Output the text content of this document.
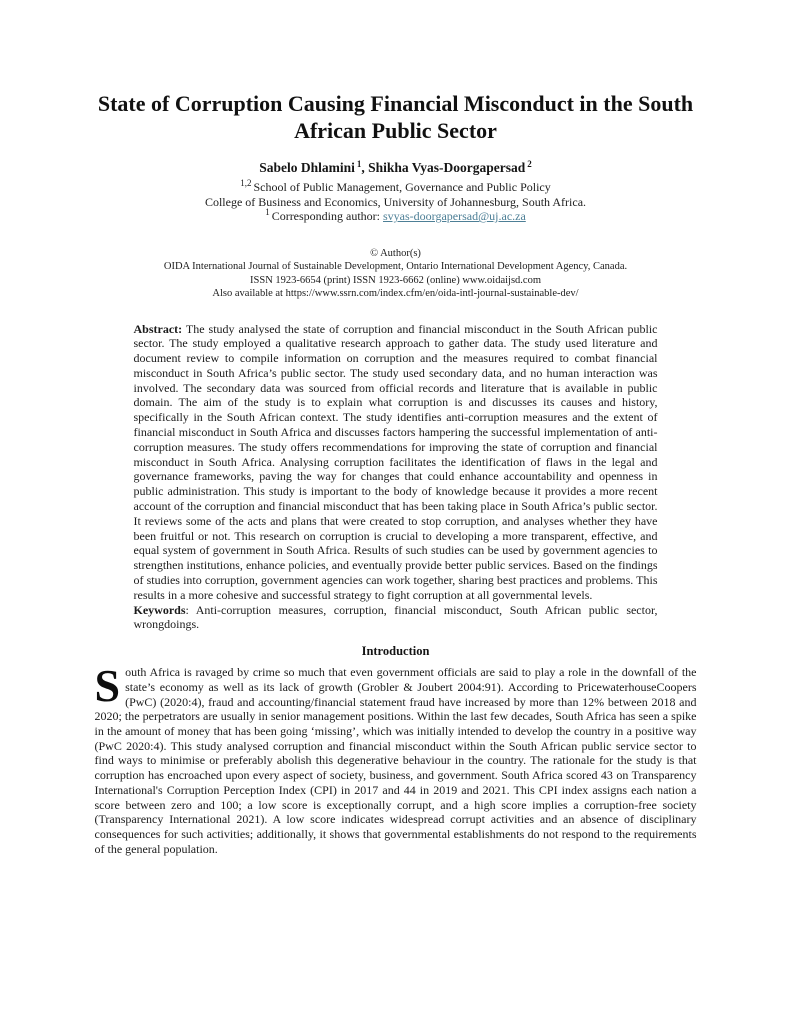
State of Corruption Causing Financial Misconduct in the South African Public Sector
Sabelo Dhlamini $^1$, Shikha Vyas-Doorgapersad $^2$
$^{1,2}$ School of Public Management, Governance and Public Policy
College of Business and Economics, University of Johannesburg, South Africa.
$^1$ Corresponding author: svyas-doorgapersad@uj.ac.za
© Author(s)
OIDA International Journal of Sustainable Development, Ontario International Development Agency, Canada.
ISSN 1923-6654 (print) ISSN 1923-6662 (online) www.oidaijsd.com
Also available at https://www.ssrn.com/index.cfm/en/oida-intl-journal-sustainable-dev/

Abstract: The study analysed the state of corruption and financial misconduct in the South African public sector. The study employed a qualitative research approach to gather data. The study used literature and document review to compile information on corruption and the measures required to combat financial misconduct in South Africa’s public sector. The study used secondary data, and no human interaction was involved. The secondary data was sourced from official records and literature that is available in public domain. The aim of the study is to explain what corruption is and discusses its causes and history, specifically in the South African context. The study identifies anti-corruption measures and the extent of financial misconduct in South Africa and discusses factors hampering the successful implementation of anti-corruption measures. The study offers recommendations for improving the state of corruption and financial misconduct in South Africa. Analysing corruption facilitates the identification of flaws in the legal and governance frameworks, paving the way for changes that could enhance accountability and openness in public administration. This study is important to the body of knowledge because it provides a more recent account of the corruption and financial misconduct that has been taking place in South Africa’s public sector. It reviews some of the acts and plans that were created to stop corruption, and analyses whether they have been fruitful or not. This research on corruption is crucial to developing a more transparent, effective, and equal system of government in South Africa. Results of such studies can be used by government agencies to strengthen institutions, enhance policies, and eventually provide better public services. Based on the findings of studies into corruption, government agencies can work together, sharing best practices and problems. This results in a more cohesive and successful strategy to fight corruption at all governmental levels.

Keywords: Anti-corruption measures, corruption, financial misconduct, South African public sector, wrongdoings.

Introduction

South Africa is ravaged by crime so much that even government officials are said to play a role in the downfall of the state’s economy as well as its lack of growth (Grobler & Joubert 2004:91). According to PricewaterhouseCoopers (PwC) (2020:4), fraud and accounting/financial statement fraud have increased by more than 12% between 2018 and 2020; the perpetrators are usually in senior management positions. Within the last few decades, South Africa has seen a spike in the amount of money that has been going ‘missing’, which was initially intended to develop the country in a positive way (PwC 2020:4). This study analysed corruption and financial misconduct within the South African public service sector to find ways to minimise or preferably abolish this degenerative behaviour in the country. The rationale for the study is that corruption has encroached upon every aspect of society, business, and government. South Africa scored 43 on Transparency International's Corruption Perception Index (CPI) in 2017 and 44 in 2019 and 2021. This CPI index assigns each nation a score between zero and 100; a low score is exceptionally corrupt, and a high score implies a corruption-free society (Transparency International 2021). A low score indicates widespread corrupt activities and an absence of disciplinary consequences for such activities; additionally, it shows that governmental establishments do not respond to the requirements of the general population.
